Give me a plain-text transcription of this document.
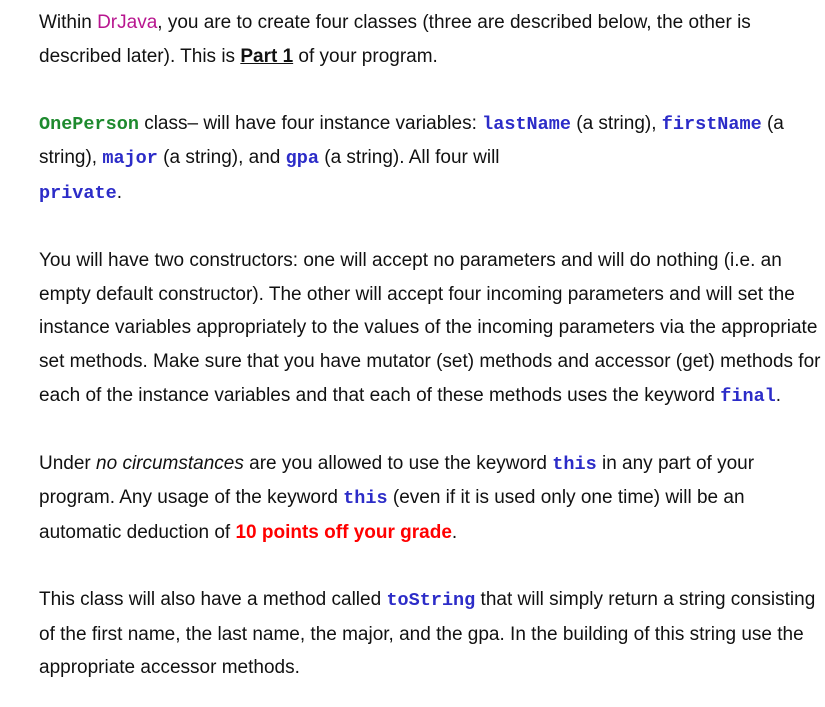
Within DrJava, you are to create four classes (three are described below, the other is described later). This is Part 1 of your program.

OnePerson class– will have four instance variables: lastName (a string), firstName (a string), major (a string), and gpa (a string). All four will
private.

You will have two constructors: one will accept no parameters and will do nothing (i.e. an empty default constructor). The other will accept four incoming parameters and will set the instance variables appropriately to the values of the incoming parameters via the appropriate set methods. Make sure that you have mutator (set) methods and accessor (get) methods for each of the instance variables and that each of these methods uses the keyword final.

Under no circumstances are you allowed to use the keyword this in any part of your program. Any usage of the keyword this (even if it is used only one time) will be an automatic deduction of 10 points off your grade.

This class will also have a method called toString that will simply return a string consisting of the first name, the last name, the major, and the gpa. In the building of this string use the appropriate accessor methods.
